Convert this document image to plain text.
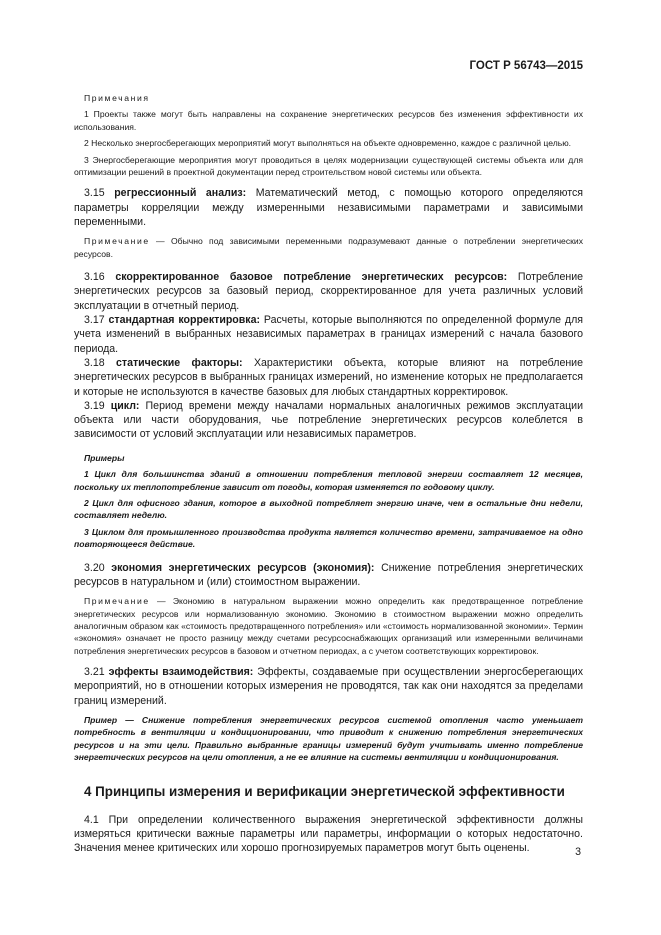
ГОСТ Р 56743—2015

Примечания

1 Проекты также могут быть направлены на сохранение энергетических ресурсов без изменения эффективности их использования.

2 Несколько энергосберегающих мероприятий могут выполняться на объекте одновременно, каждое с различной целью.

3 Энергосберегающие мероприятия могут проводиться в целях модернизации существующей системы объекта или для оптимизации решений в проектной документации перед строительством новой системы или объекта.

3.15 регрессионный анализ: Математический метод, с помощью которого определяются параметры корреляции между измеренными независимыми параметрами и зависимыми переменными.

Примечание — Обычно под зависимыми переменными подразумевают данные о потреблении энергетических ресурсов.

3.16 скорректированное базовое потребление энергетических ресурсов: Потребление энергетических ресурсов за базовый период, скорректированное для учета различных условий эксплуатации в отчетный период.

3.17 стандартная корректировка: Расчеты, которые выполняются по определенной формуле для учета изменений в выбранных независимых параметрах в границах измерений с начала базового периода.

3.18 статические факторы: Характеристики объекта, которые влияют на потребление энергетических ресурсов в выбранных границах измерений, но изменение которых не предполагается и которые не используются в качестве базовых для любых стандартных корректировок.

3.19 цикл: Период времени между началами нормальных аналогичных режимов эксплуатации объекта или части оборудования, чье потребление энергетических ресурсов колеблется в зависимости от условий эксплуатации или независимых параметров.

Примеры

1 Цикл для большинства зданий в отношении потребления тепловой энергии составляет 12 месяцев, поскольку их теплопотребление зависит от погоды, которая изменяется по годовому циклу.

2 Цикл для офисного здания, которое в выходной потребляет энергию иначе, чем в остальные дни недели, составляет неделю.

3 Циклом для промышленного производства продукта является количество времени, затрачиваемое на одно повторяющееся действие.

3.20 экономия энергетических ресурсов (экономия): Снижение потребления энергетических ресурсов в натуральном и (или) стоимостном выражении.

Примечание — Экономию в натуральном выражении можно определить как предотвращенное потребление энергетических ресурсов или нормализованную экономию. Экономию в стоимостном выражении можно определить аналогичным образом как «стоимость предотвращенного потребления» или «стоимость нормализованной экономии». Термин «экономия» означает не просто разницу между счетами ресурсоснабжающих организаций или измеренными величинами потребления энергетических ресурсов в базовом и отчетном периодах, а с учетом соответствующих корректировок.

3.21 эффекты взаимодействия: Эффекты, создаваемые при осуществлении энергосберегающих мероприятий, но в отношении которых измерения не проводятся, так как они находятся за пределами границ измерений.

Пример — Снижение потребления энергетических ресурсов системой отопления часто уменьшает потребность в вентиляции и кондиционировании, что приводит к снижению потребления энергетических ресурсов и на эти цели. Правильно выбранные границы измерений будут учитывать именно потребление энергетических ресурсов на цели отопления, а не ее влияние на системы вентиляции и кондиционирования.

4 Принципы измерения и верификации энергетической эффективности

4.1 При определении количественного выражения энергетической эффективности должны измеряться критически важные параметры или параметры, информации о которых недостаточно. Значения менее критических или хорошо прогнозируемых параметров могут быть оценены.	3
